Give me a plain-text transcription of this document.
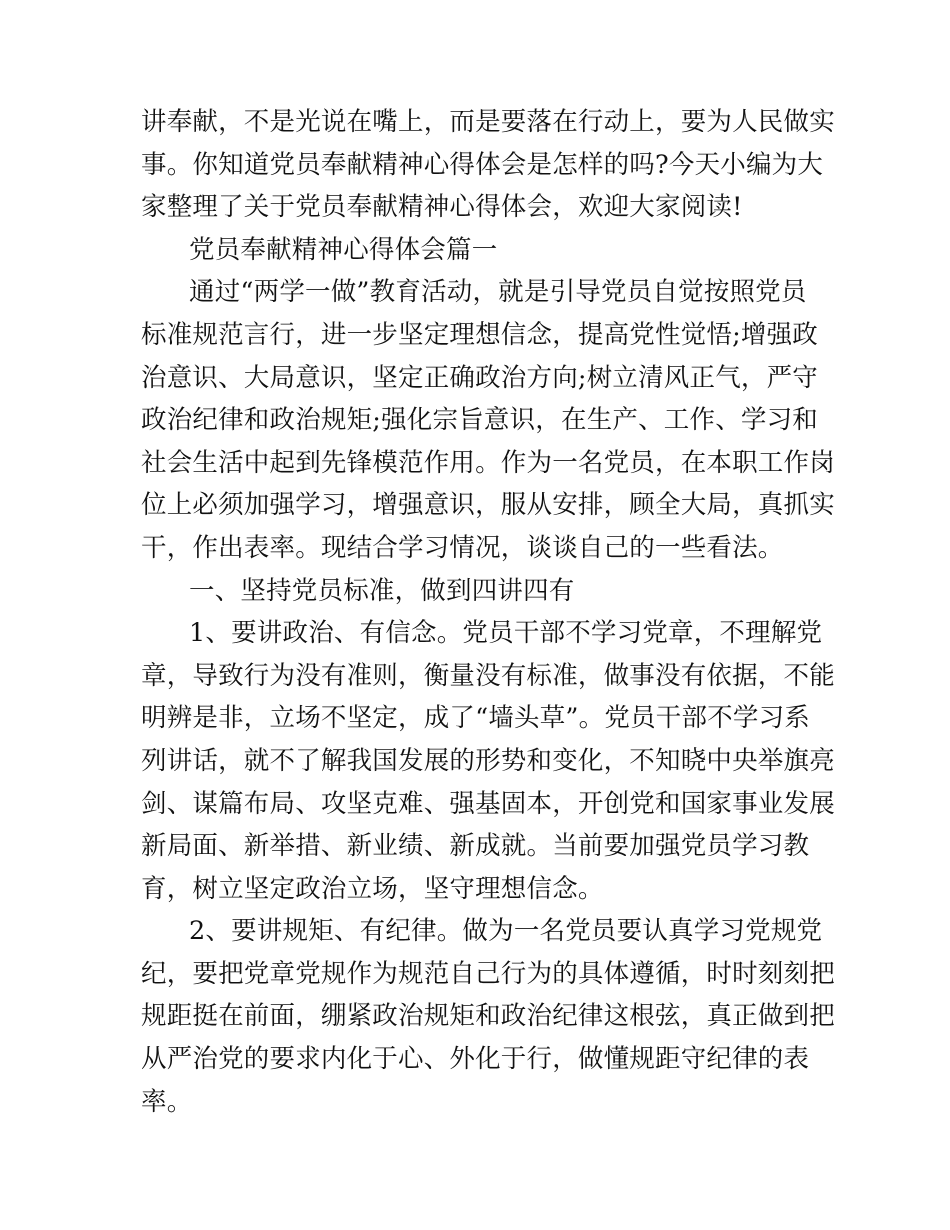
讲奉献，不是光说在嘴上，而是要落在行动上，要为人民做实
事。你知道党员奉献精神心得体会是怎样的吗?今天小编为大
家整理了关于党员奉献精神心得体会，欢迎大家阅读!
党员奉献精神心得体会篇一
通过“两学一做”教育活动，就是引导党员自觉按照党员
标准规范言行，进一步坚定理想信念，提高党性觉悟;增强政
治意识、大局意识，坚定正确政治方向;树立清风正气，严守
政治纪律和政治规矩;强化宗旨意识，在生产、工作、学习和
社会生活中起到先锋模范作用。作为一名党员，在本职工作岗
位上必须加强学习，增强意识，服从安排，顾全大局，真抓实
干，作出表率。现结合学习情况，谈谈自己的一些看法。
一、坚持党员标准，做到四讲四有
1、要讲政治、有信念。党员干部不学习党章，不理解党
章，导致行为没有准则，衡量没有标准，做事没有依据，不能
明辨是非，立场不坚定，成了“墙头草”。党员干部不学习系
列讲话，就不了解我国发展的形势和变化，不知晓中央举旗亮
剑、谋篇布局、攻坚克难、强基固本，开创党和国家事业发展
新局面、新举措、新业绩、新成就。当前要加强党员学习教
育，树立坚定政治立场，坚守理想信念。
2、要讲规矩、有纪律。做为一名党员要认真学习党规党
纪，要把党章党规作为规范自己行为的具体遵循，时时刻刻把
规距挺在前面，绷紧政治规矩和政治纪律这根弦，真正做到把
从严治党的要求内化于心、外化于行，做懂规距守纪律的表
率。
